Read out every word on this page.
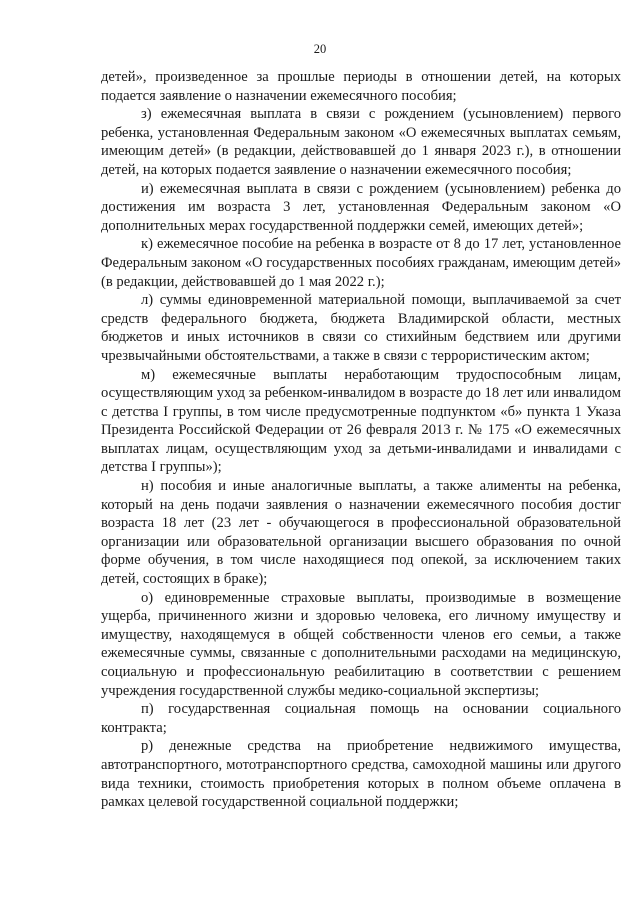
20

детей», произведенное за прошлые периоды в отношении детей, на которых подается заявление о назначении ежемесячного пособия;

з) ежемесячная выплата в связи с рождением (усыновлением) первого ребенка, установленная Федеральным законом «О ежемесячных выплатах семьям, имеющим детей» (в редакции, действовавшей до 1 января 2023 г.), в отношении детей, на которых подается заявление о назначении ежемесячного пособия;

и) ежемесячная выплата в связи с рождением (усыновлением) ребенка до достижения им возраста 3 лет, установленная Федеральным законом «О дополнительных мерах государственной поддержки семей, имеющих детей»;

к) ежемесячное пособие на ребенка в возрасте от 8 до 17 лет, установленное Федеральным законом «О государственных пособиях гражданам, имеющим детей» (в редакции, действовавшей до 1 мая 2022 г.);

л) суммы единовременной материальной помощи, выплачиваемой за счет средств федерального бюджета, бюджета Владимирской области, местных бюджетов и иных источников в связи со стихийным бедствием или другими чрезвычайными обстоятельствами, а также в связи с террористическим актом;

м) ежемесячные выплаты неработающим трудоспособным лицам, осуществляющим уход за ребенком-инвалидом в возрасте до 18 лет или инвалидом с детства I группы, в том числе предусмотренные подпунктом «б» пункта 1 Указа Президента Российской Федерации от 26 февраля 2013 г. № 175 «О ежемесячных выплатах лицам, осуществляющим уход за детьми-инвалидами и инвалидами с детства I группы»);

н) пособия и иные аналогичные выплаты, а также алименты на ребенка, который на день подачи заявления о назначении ежемесячного пособия достиг возраста 18 лет (23 лет - обучающегося в профессиональной образовательной организации или образовательной организации высшего образования по очной форме обучения, в том числе находящиеся под опекой, за исключением таких детей, состоящих в браке);

о) единовременные страховые выплаты, производимые в возмещение ущерба, причиненного жизни и здоровью человека, его личному имуществу и имуществу, находящемуся в общей собственности членов его семьи, а также ежемесячные суммы, связанные с дополнительными расходами на медицинскую, социальную и профессиональную реабилитацию в соответствии с решением учреждения государственной службы медико-социальной экспертизы;

п) государственная социальная помощь на основании социального контракта;

р) денежные средства на приобретение недвижимого имущества, автотранспортного, мототранспортного средства, самоходной машины или другого вида техники, стоимость приобретения которых в полном объеме оплачена в рамках целевой государственной социальной поддержки;
